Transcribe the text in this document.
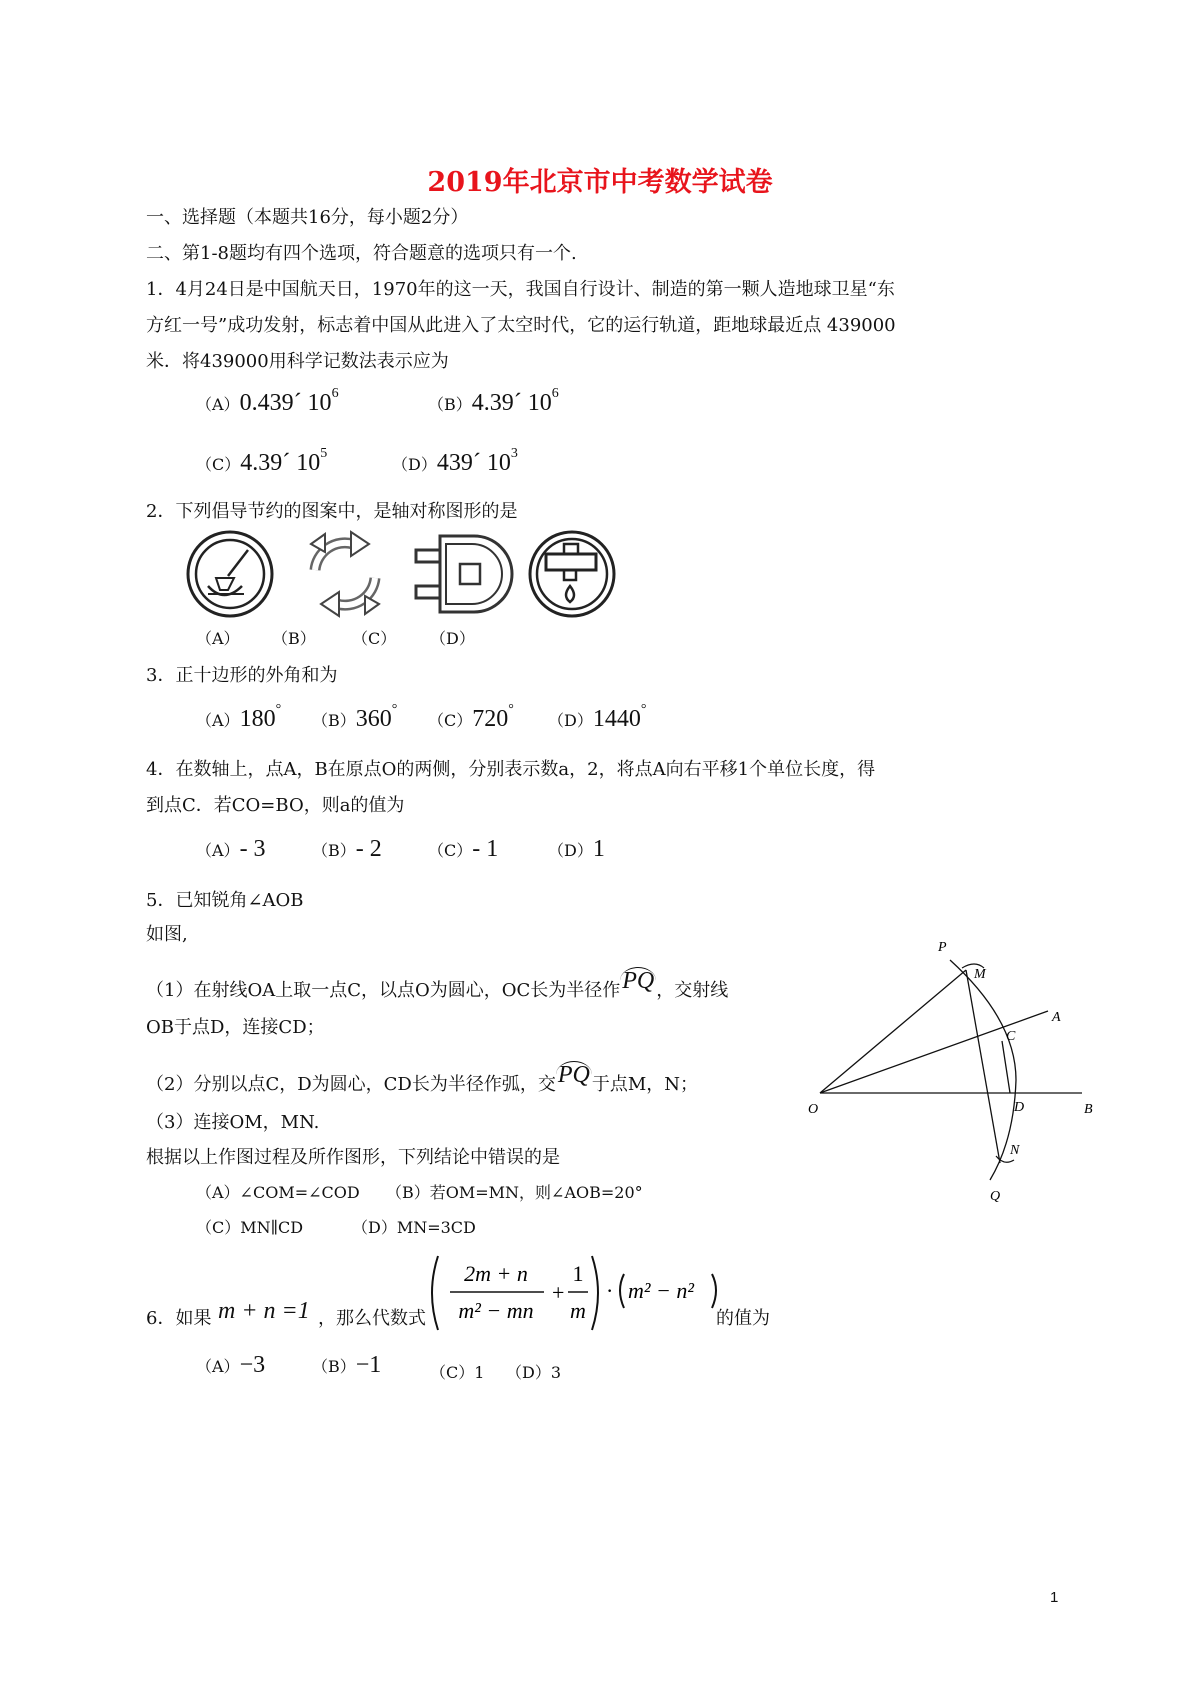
2019年北京市中考数学试卷
一、选择题（本题共16分，每小题2分）
二、第1-8题均有四个选项，符合题意的选项只有一个.
1．4月24日是中国航天日，1970年的这一天，我国自行设计、制造的第一颗人造地球卫星“东
方红一号”成功发射，标志着中国从此进入了太空时代，它的运行轨道，距地球最近点 439000
米．将439000用科学记数法表示应为
（A）0.439´ $10^6$
（B）4.39´ $10^6$
（C）4.39´ $10^5$
（D）439´ $10^3$
2．下列倡导节约的图案中，是轴对称图形的是
（A） （B） （C） （D）
3．正十边形的外角和为
（A）180°
（B）360°
（C）720°
（D）1440°
4．在数轴上，点A，B在原点O的两侧，分别表示数a，2，将点A向右平移1个单位长度，得
到点C．若CO=BO，则a的值为
（A）- 3	（B）- 2	（C）- 1	（D）1
5．已知锐角∠AOB
如图,
（1）在射线OA上取一点C，以点O为圆心，OC长为半径作PQ ，交射线
OB于点D，连接CD；
（2）分别以点C，D为圆心，CD长为半径作弧，交PQ 于点M，N；
（3）连接OM，MN.
根据以上作图过程及所作图形，下列结论中错误的是
（A）∠COM=∠COD （B）若OM=MN，则∠AOB=20°
（C）MN∥CD	（D）MN=3CD
P
M
A
C
O	D	B
N
Q
6．如果 m + n =1 ，那么代数式
2m + n
m² − mn
+
1
m
· m² − n²
的值为
（A）−3	（B）−1	（C）1 （D）3
1
